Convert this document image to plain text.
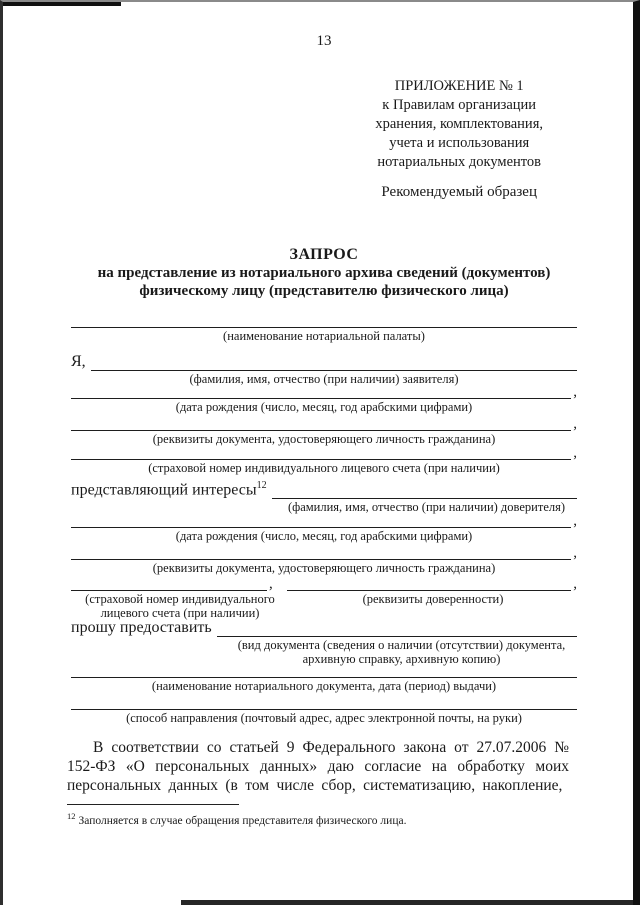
13
ПРИЛОЖЕНИЕ № 1
к Правилам организации
хранения, комплектования,
учета и использования
нотариальных документов
Рекомендуемый образец
ЗАПРОС
на представление из нотариального архива сведений (документов)
физическому лицу (представителю физического лица)
(наименование нотариальной палаты)
Я,
(фамилия, имя, отчество (при наличии) заявителя)
,
(дата рождения (число, месяц, год арабскими цифрами)
,
(реквизиты документа, удостоверяющего личность гражданина)
,
(страховой номер индивидуального лицевого счета (при наличии)
представляющий интересы$^{12}$
(фамилия, имя, отчество (при наличии) доверителя)
,
(дата рождения (число, месяц, год арабскими цифрами)
,
(реквизиты документа, удостоверяющего личность гражданина)
,	,
(страховой номер индивидуального
лицевого счета (при наличии)
(реквизиты доверенности)
прошу предоставить
(вид документа (сведения о наличии (отсутствии) документа,
архивную справку, архивную копию)
(наименование нотариального документа, дата (период) выдачи)
(способ направления (почтовый адрес, адрес электронной почты, на руки)

В соответствии со статьей 9 Федерального закона от 27.07.2006 № 152-ФЗ «О персональных данных» даю согласие на обработку моих персональных данных (в том числе сбор, систематизацию, накопление,

$^{12}$ Заполняется в случае обращения представителя физического лица.
